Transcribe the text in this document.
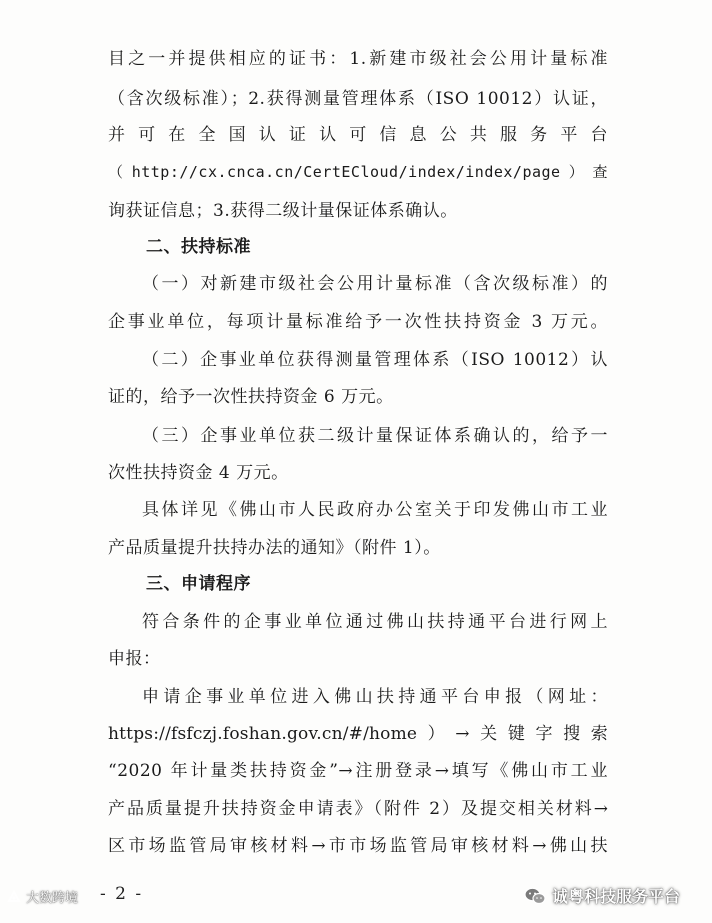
目之一并提供相应的证书：1.新建市级社会公用计量标准
（含次级标准）；2.获得测量管理体系（ISO 10012）认证，
并可在全国认证认可信息公共服务平台
（http://cx.cnca.cn/CertECloud/index/index/page）查
询获证信息；3.获得二级计量保证体系确认。
二、扶持标准
（一）对新建市级社会公用计量标准（含次级标准）的
企事业单位，每项计量标准给予一次性扶持资金 3 万元。
（二）企事业单位获得测量管理体系（ISO 10012）认
证的，给予一次性扶持资金 6 万元。
（三）企事业单位获二级计量保证体系确认的，给予一
次性扶持资金 4 万元。
具体详见《佛山市人民政府办公室关于印发佛山市工业
产品质量提升扶持办法的通知》（附件 1）。
三、申请程序
符合条件的企事业单位通过佛山扶持通平台进行网上
申报：
申请企事业单位进入佛山扶持通平台申报（网址：
https://fsfczj.foshan.gov.cn/#/home）→关键字搜索
“2020 年计量类扶持资金”→注册登录→填写《佛山市工业
产品质量提升扶持资金申请表》（附件 2）及提交相关材料→
区市场监管局审核材料→市市场监管局审核材料→佛山扶
- 2 -
大数跨境	诚粤科技服务平台
